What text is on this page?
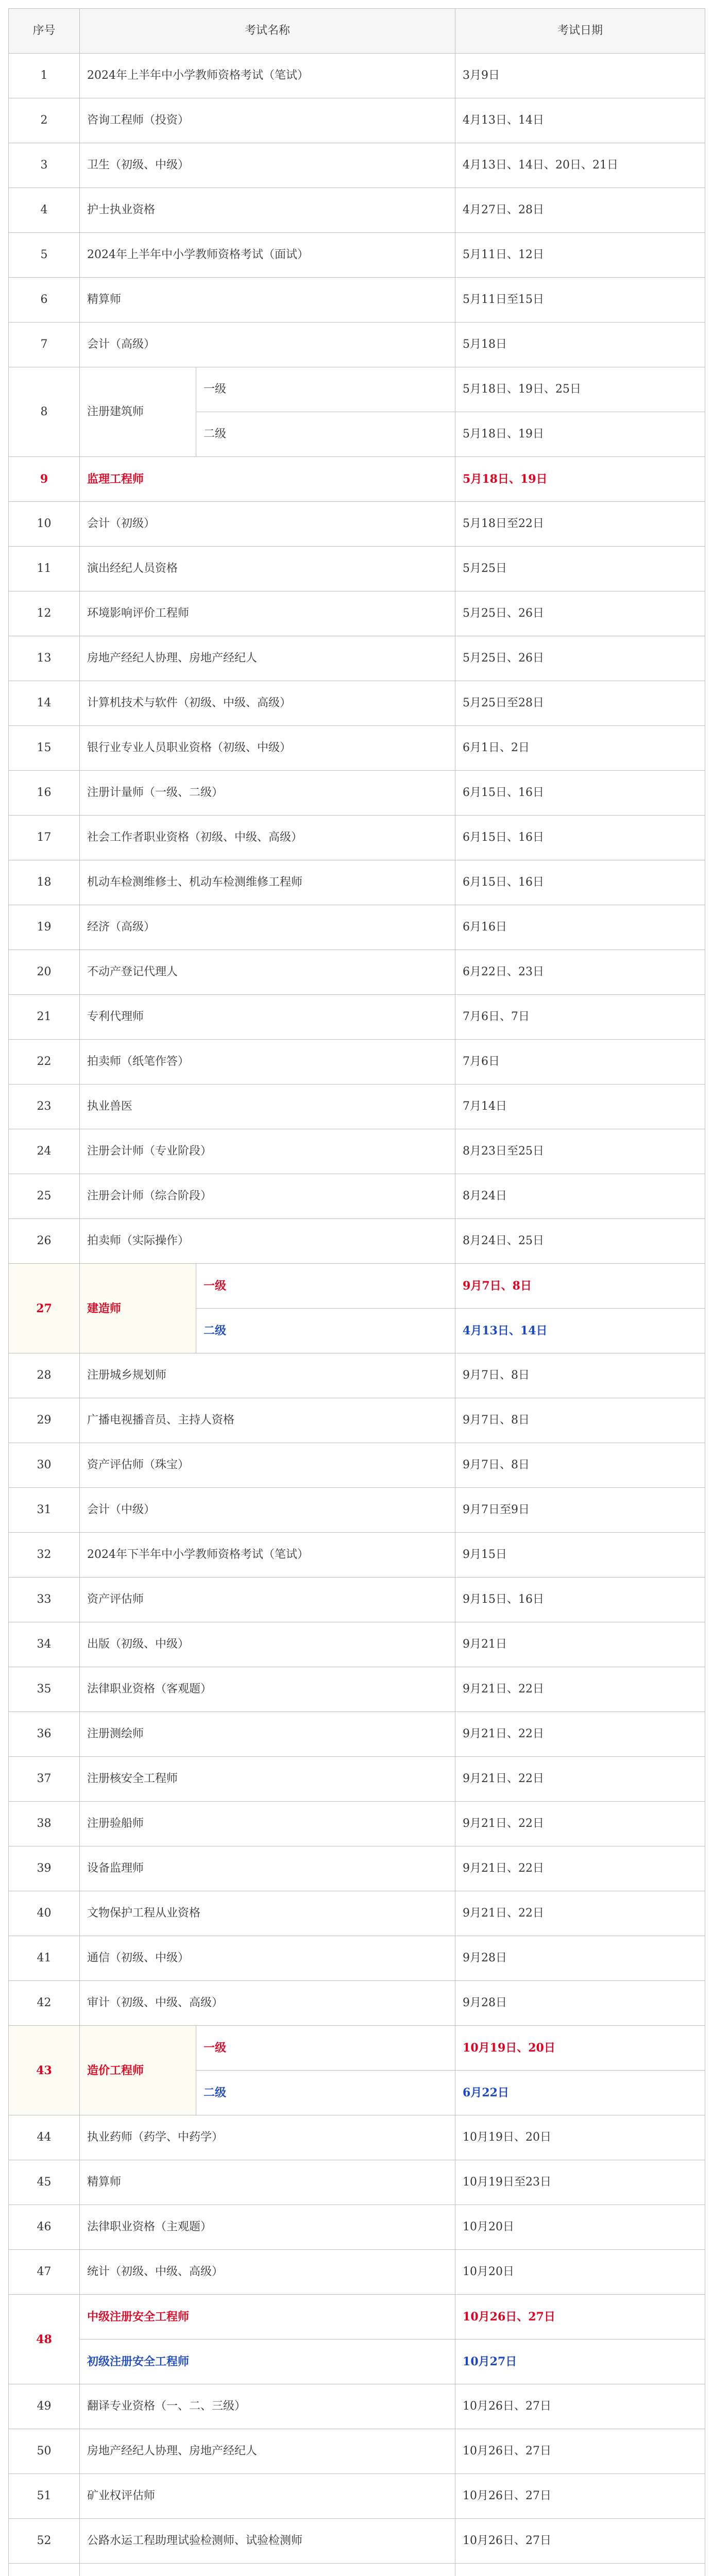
序号	考试名称				考试日期
1	2024年上半年中小学教师资格考试（笔试）				3月9日
2	咨询工程师（投资）				4月13日、14日
3	卫生（初级、中级）				4月13日、14日、20日、21日
4	护士执业资格				4月27日、28日
5	2024年上半年中小学教师资格考试（面试）				5月11日、12日
6	精算师				5月11日至15日
7	会计（高级）				5月18日
8	注册建筑师		一级		5月18日、19日、25日
			二级		5月18日、19日
9	监理工程师				5月18日、19日
10	会计（初级）				5月18日至22日
11	演出经纪人员资格				5月25日
12	环境影响评价工程师				5月25日、26日
13	房地产经纪人协理、房地产经纪人				5月25日、26日
14	计算机技术与软件（初级、中级、高级）				5月25日至28日
15	银行业专业人员职业资格（初级、中级）				6月1日、2日
16	注册计量师（一级、二级）				6月15日、16日
17	社会工作者职业资格（初级、中级、高级）				6月15日、16日
18	机动车检测维修士、机动车检测维修工程师				6月15日、16日
19	经济（高级）				6月16日
20	不动产登记代理人				6月22日、23日
21	专利代理师				7月6日、7日
22	拍卖师（纸笔作答）				7月6日
23	执业兽医				7月14日
24	注册会计师（专业阶段）				8月23日至25日
25	注册会计师（综合阶段）				8月24日
26	拍卖师（实际操作）				8月24日、25日
27	建造师		一级		9月7日、8日
			二级		4月13日、14日
28	注册城乡规划师				9月7日、8日
29	广播电视播音员、主持人资格				9月7日、8日
30	资产评估师（珠宝）				9月7日、8日
31	会计（中级）				9月7日至9日
32	2024年下半年中小学教师资格考试（笔试）				9月15日
33	资产评估师				9月15日、16日
34	出版（初级、中级）				9月21日
35	法律职业资格（客观题）				9月21日、22日
36	注册测绘师				9月21日、22日
37	注册核安全工程师				9月21日、22日
38	注册验船师				9月21日、22日
39	设备监理师				9月21日、22日
40	文物保护工程从业资格				9月21日、22日
41	通信（初级、中级）				9月28日
42	审计（初级、中级、高级）				9月28日
43	造价工程师		一级		10月19日、20日
			二级		6月22日
44	执业药师（药学、中药学）				10月19日、20日
45	精算师				10月19日至23日
46	法律职业资格（主观题）				10月20日
47	统计（初级、中级、高级）				10月20日
48	中级注册安全工程师				10月26日、27日
	初级注册安全工程师				10月27日
49	翻译专业资格（一、二、三级）				10月26日、27日
50	房地产经纪人协理、房地产经纪人				10月26日、27日
51	矿业权评估师				10月26日、27日
52	公路水运工程助理试验检测师、试验检测师				10月26日、27日
